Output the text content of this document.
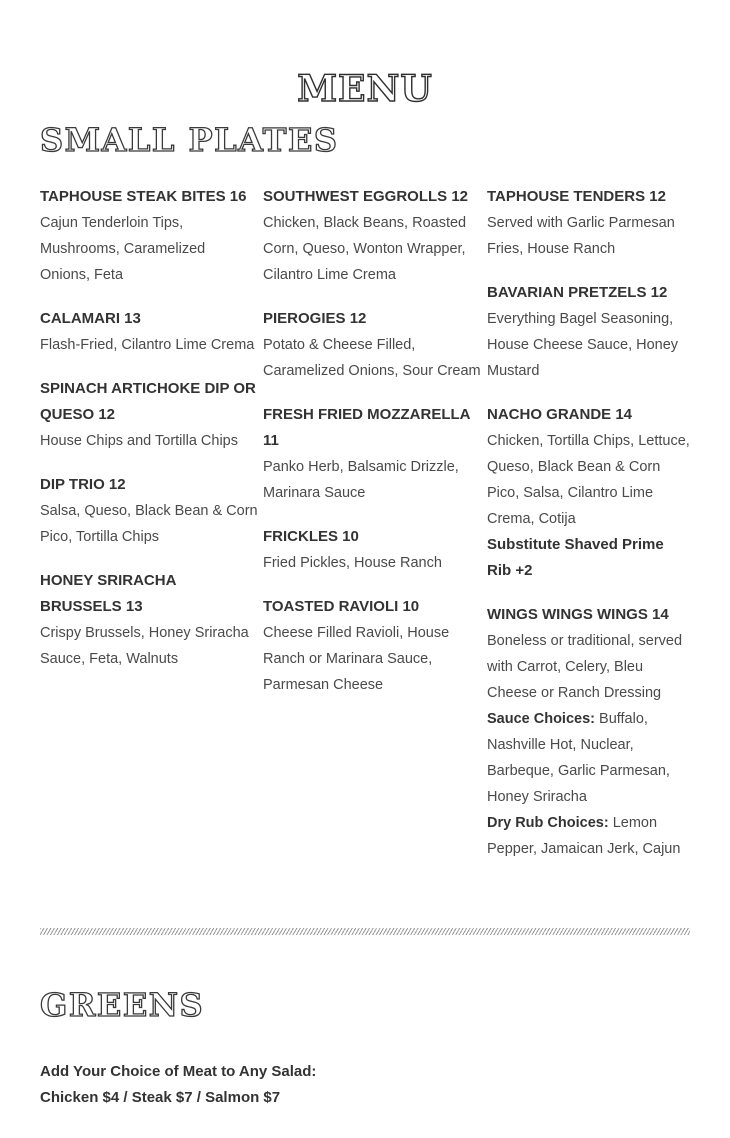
MENU
SMALL PLATES

TAPHOUSE STEAK BITES 16

Cajun Tenderloin Tips, Mushrooms, Caramelized Onions, Feta

CALAMARI 13

Flash-Fried, Cilantro Lime Crema

SPINACH ARTICHOKE DIP OR QUESO 12

House Chips and Tortilla Chips

DIP TRIO 12

Salsa, Queso, Black Bean & Corn Pico, Tortilla Chips

HONEY SRIRACHA BRUSSELS 13

Crispy Brussels, Honey Sriracha Sauce, Feta, Walnuts

SOUTHWEST EGGROLLS 12

Chicken, Black Beans, Roasted Corn, Queso, Wonton Wrapper, Cilantro Lime Crema

PIEROGIES 12

Potato & Cheese Filled, Caramelized Onions, Sour Cream

FRESH FRIED MOZZARELLA 11

Panko Herb, Balsamic Drizzle, Marinara Sauce

FRICKLES 10

Fried Pickles, House Ranch

TOASTED RAVIOLI 10

Cheese Filled Ravioli, House Ranch or Marinara Sauce, Parmesan Cheese

TAPHOUSE TENDERS 12

Served with Garlic Parmesan Fries, House Ranch

BAVARIAN PRETZELS 12

Everything Bagel Seasoning, House Cheese Sauce, Honey Mustard

NACHO GRANDE 14

Chicken, Tortilla Chips, Lettuce, Queso, Black Bean & Corn Pico, Salsa, Cilantro Lime Crema, Cotija

Substitute Shaved Prime Rib +2

WINGS WINGS WINGS 14

Boneless or traditional, served with Carrot, Celery, Bleu Cheese or Ranch Dressing

Sauce Choices: Buffalo, Nashville Hot, Nuclear, Barbeque, Garlic Parmesan, Honey Sriracha

Dry Rub Choices: Lemon Pepper, Jamaican Jerk, Cajun

GREENS

Add Your Choice of Meat to Any Salad:

Chicken $4 / Steak $7 / Salmon $7
